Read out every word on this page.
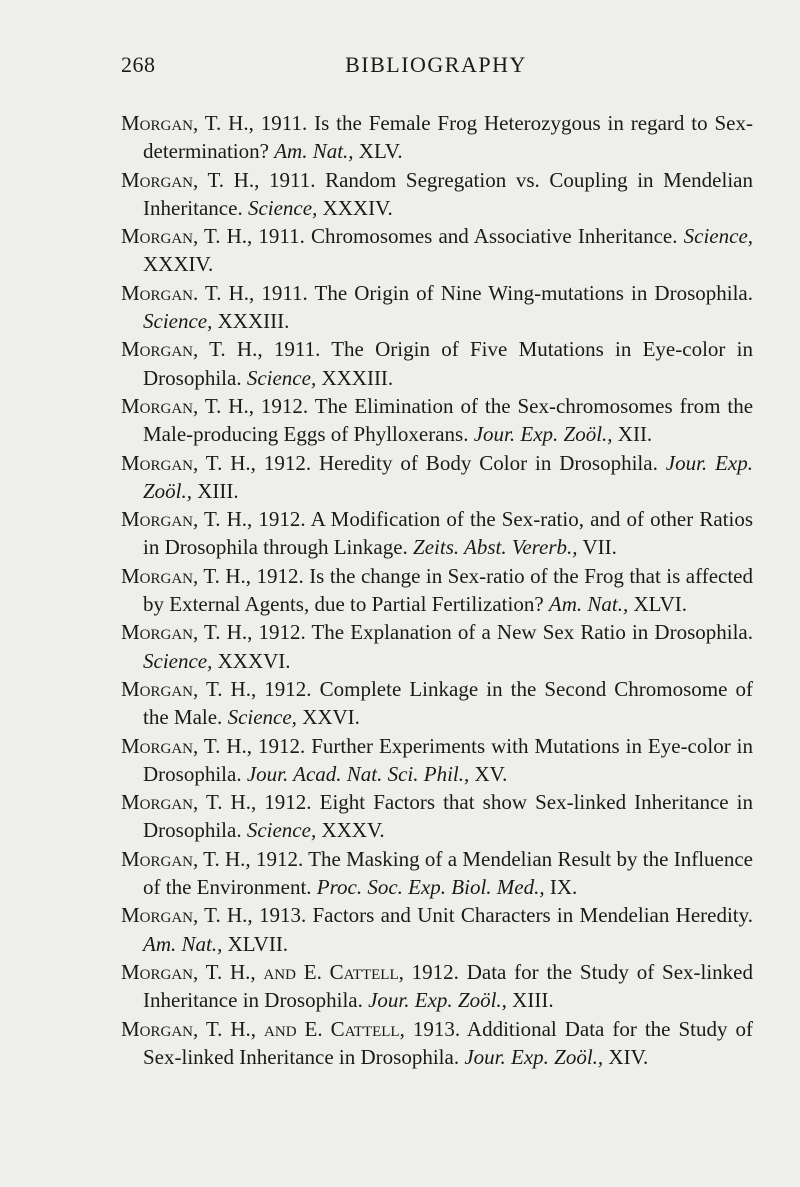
268	BIBLIOGRAPHY
Morgan, T. H., 1911. Is the Female Frog Heterozygous in regard to Sex-determination? Am. Nat., XLV.
Morgan, T. H., 1911. Random Segregation vs. Coupling in Mendelian Inheritance. Science, XXXIV.
Morgan, T. H., 1911. Chromosomes and Associative Inheritance. Science, XXXIV.
Morgan. T. H., 1911. The Origin of Nine Wing-mutations in Drosophila. Science, XXXIII.
Morgan, T. H., 1911. The Origin of Five Mutations in Eye-color in Drosophila. Science, XXXIII.
Morgan, T. H., 1912. The Elimination of the Sex-chromosomes from the Male-producing Eggs of Phylloxerans. Jour. Exp. Zoöl., XII.
Morgan, T. H., 1912. Heredity of Body Color in Drosophila. Jour. Exp. Zoöl., XIII.
Morgan, T. H., 1912. A Modification of the Sex-ratio, and of other Ratios in Drosophila through Linkage. Zeits. Abst. Vererb., VII.
Morgan, T. H., 1912. Is the change in Sex-ratio of the Frog that is affected by External Agents, due to Partial Fertilization? Am. Nat., XLVI.
Morgan, T. H., 1912. The Explanation of a New Sex Ratio in Drosophila. Science, XXXVI.
Morgan, T. H., 1912. Complete Linkage in the Second Chromosome of the Male. Science, XXVI.
Morgan, T. H., 1912. Further Experiments with Mutations in Eye-color in Drosophila. Jour. Acad. Nat. Sci. Phil., XV.
Morgan, T. H., 1912. Eight Factors that show Sex-linked Inheritance in Drosophila. Science, XXXV.
Morgan, T. H., 1912. The Masking of a Mendelian Result by the Influence of the Environment. Proc. Soc. Exp. Biol. Med., IX.
Morgan, T. H., 1913. Factors and Unit Characters in Mendelian Heredity. Am. Nat., XLVII.
Morgan, T. H., and E. Cattell, 1912. Data for the Study of Sex-linked Inheritance in Drosophila. Jour. Exp. Zoöl., XIII.
Morgan, T. H., and E. Cattell, 1913. Additional Data for the Study of Sex-linked Inheritance in Drosophila. Jour. Exp. Zoöl., XIV.
